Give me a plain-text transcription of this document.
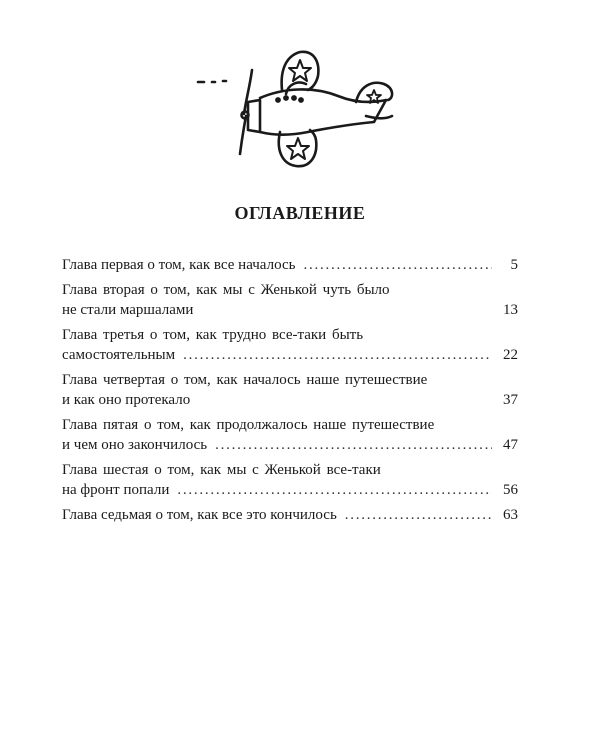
ОГЛАВЛЕНИЕ
Глава первая о том, как все началось . . .	5
Глава вторая о том, как мы с Женькой чуть было
не стали маршалами	13
Глава третья о том, как трудно все-таки быть
самостоятельным . . .	22
Глава четвертая о том, как началось наше путешествие
и как оно протекало	37
Глава пятая о том, как продолжалось наше путешествие
и чем оно закончилось . . .	47
Глава шестая о том, как мы с Женькой все-таки
на фронт попали . . .	56
Глава седьмая о том, как все это кончилось . . .	63
